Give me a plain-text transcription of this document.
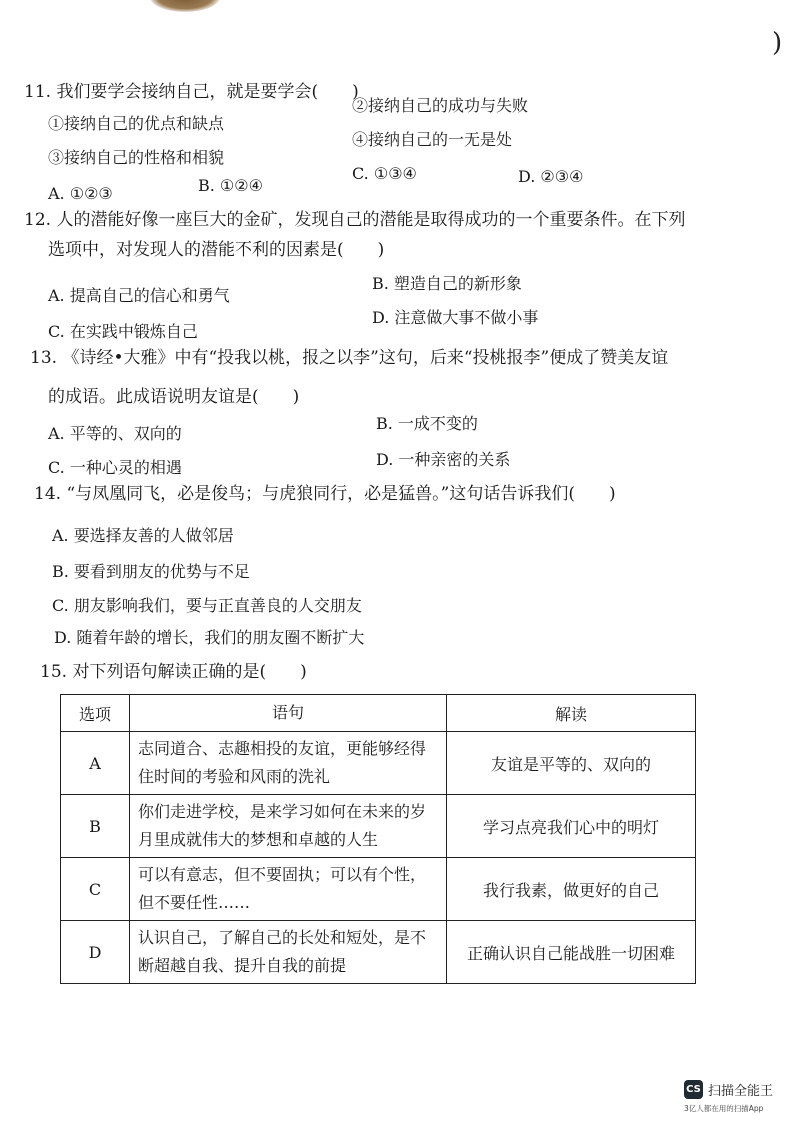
)
11. 我们要学会接纳自己，就是要学会(　　)
①接纳自己的优点和缺点
②接纳自己的成功与失败
③接纳自己的性格和相貌
④接纳自己的一无是处
A. ①②③	B. ①②④
C. ①③④	D. ②③④
12. 人的潜能好像一座巨大的金矿，发现自己的潜能是取得成功的一个重要条件。在下列
选项中，对发现人的潜能不利的因素是(　　)
A. 提高自己的信心和勇气
B. 塑造自己的新形象
C. 在实践中锻炼自己
D. 注意做大事不做小事
13. 《诗经•大雅》中有“投我以桃，报之以李”这句，后来“投桃报李”便成了赞美友谊
的成语。此成语说明友谊是(　　)
A. 平等的、双向的
B. 一成不变的
C. 一种心灵的相遇	D. 一种亲密的关系
14. “与凤凰同飞，必是俊鸟；与虎狼同行，必是猛兽。”这句话告诉我们(　　)
A. 要选择友善的人做邻居
B. 要看到朋友的优势与不足
C. 朋友影响我们，要与正直善良的人交朋友
D. 随着年龄的增长，我们的朋友圈不断扩大
15. 对下列语句解读正确的是(　　)
选项	语句	解读
A	志同道合、志趣相投的友谊，更能够经得住时间的考验和风雨的洗礼	友谊是平等的、双向的
B	你们走进学校，是来学习如何在未来的岁月里成就伟大的梦想和卓越的人生	学习点亮我们心中的明灯
C	可以有意志，但不要固执；可以有个性，但不要任性……	我行我素，做更好的自己
D	认识自己，了解自己的长处和短处，是不断超越自我、提升自我的前提	正确认识自己能战胜一切困难
CS 扫描全能王
3亿人都在用的扫描App
